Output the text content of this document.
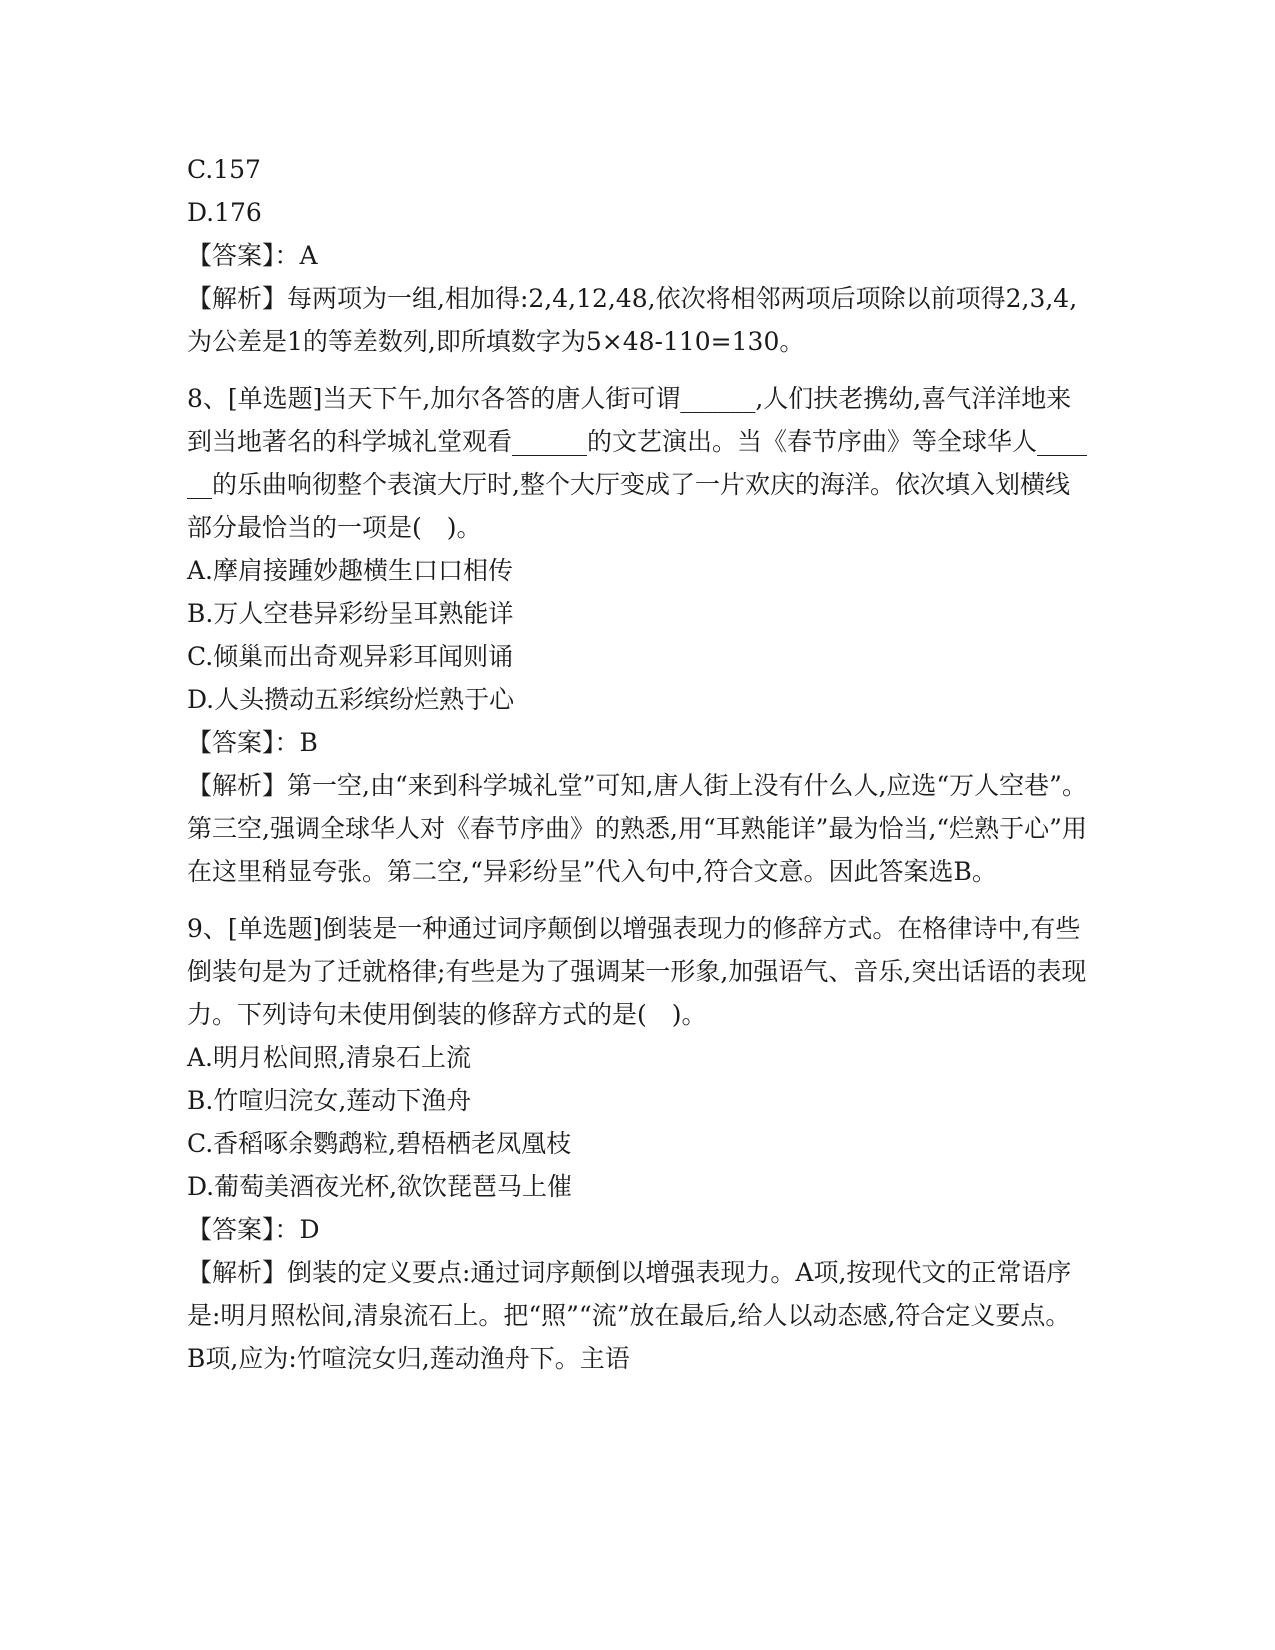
C.157
D.176
【答案】：A
【解析】每两项为一组,相加得:2,4,12,48,依次将相邻两项后项除以前项得2,3,4,为公差是1的等差数列,即所填数字为5×48-110=130。
8、[单选题]当天下午,加尔各答的唐人街可谓______,人们扶老携幼,喜气洋洋地来到当地著名的科学城礼堂观看______的文艺演出。当《春节序曲》等全球华人______的乐曲响彻整个表演大厅时,整个大厅变成了一片欢庆的海洋。依次填入划横线部分最恰当的一项是(　)。
A.摩肩接踵妙趣横生口口相传
B.万人空巷异彩纷呈耳熟能详
C.倾巢而出奇观异彩耳闻则诵
D.人头攒动五彩缤纷烂熟于心
【答案】：B
【解析】第一空,由“来到科学城礼堂”可知,唐人街上没有什么人,应选“万人空巷”。第三空,强调全球华人对《春节序曲》的熟悉,用“耳熟能详”最为恰当,“烂熟于心”用在这里稍显夸张。第二空,“异彩纷呈”代入句中,符合文意。因此答案选B。
9、[单选题]倒装是一种通过词序颠倒以增强表现力的修辞方式。在格律诗中,有些倒装句是为了迁就格律;有些是为了强调某一形象,加强语气、音乐,突出话语的表现力。下列诗句未使用倒装的修辞方式的是(　)。
A.明月松间照,清泉石上流
B.竹喧归浣女,莲动下渔舟
C.香稻啄余鹦鹉粒,碧梧栖老凤凰枝
D.葡萄美酒夜光杯,欲饮琵琶马上催
【答案】：D
【解析】倒装的定义要点:通过词序颠倒以增强表现力。A项,按现代文的正常语序是:明月照松间,清泉流石上。把“照”“流”放在最后,给人以动态感,符合定义要点。B项,应为:竹喧浣女归,莲动渔舟下。主语
